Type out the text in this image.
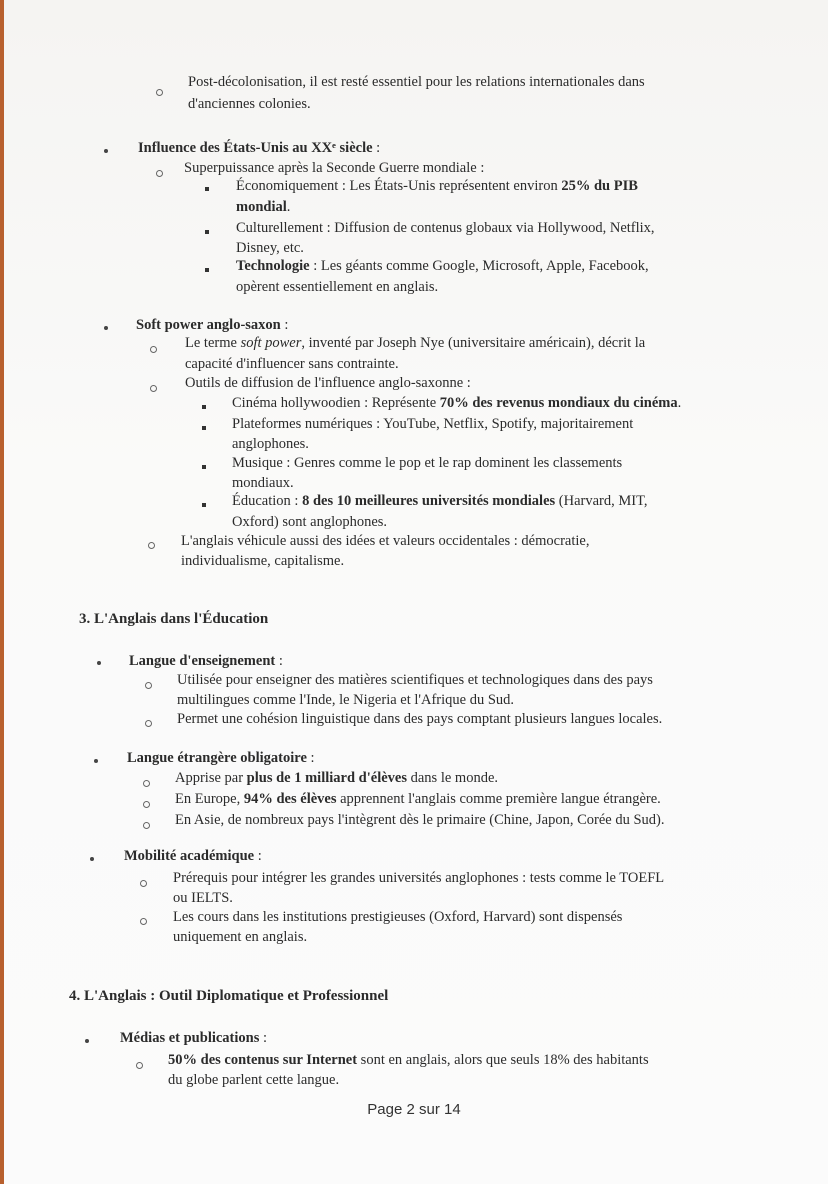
Post-décolonisation, il est resté essentiel pour les relations internationales dans
d'anciennes colonies.
Influence des États-Unis au XXᵉ siècle :
Superpuissance après la Seconde Guerre mondiale :
Économiquement : Les États-Unis représentent environ 25% du PIB
mondial.
Culturellement : Diffusion de contenus globaux via Hollywood, Netflix,
Disney, etc.
Technologie : Les géants comme Google, Microsoft, Apple, Facebook,
opèrent essentiellement en anglais.
Soft power anglo-saxon :
Le terme soft power, inventé par Joseph Nye (universitaire américain), décrit la
capacité d'influencer sans contrainte.
Outils de diffusion de l'influence anglo-saxonne :
Cinéma hollywoodien : Représente 70% des revenus mondiaux du cinéma.
Plateformes numériques : YouTube, Netflix, Spotify, majoritairement
anglophones.
Musique : Genres comme le pop et le rap dominent les classements
mondiaux.
Éducation : 8 des 10 meilleures universités mondiales (Harvard, MIT,
Oxford) sont anglophones.
L'anglais véhicule aussi des idées et valeurs occidentales : démocratie,
individualisme, capitalisme.
3. L'Anglais dans l'Éducation
Langue d'enseignement :
Utilisée pour enseigner des matières scientifiques et technologiques dans des pays
multilingues comme l'Inde, le Nigeria et l'Afrique du Sud.
Permet une cohésion linguistique dans des pays comptant plusieurs langues locales.
Langue étrangère obligatoire :
Apprise par plus de 1 milliard d'élèves dans le monde.
En Europe, 94% des élèves apprennent l'anglais comme première langue étrangère.
En Asie, de nombreux pays l'intègrent dès le primaire (Chine, Japon, Corée du Sud).
Mobilité académique :
Prérequis pour intégrer les grandes universités anglophones : tests comme le TOEFL
ou IELTS.
Les cours dans les institutions prestigieuses (Oxford, Harvard) sont dispensés
uniquement en anglais.
4. L'Anglais : Outil Diplomatique et Professionnel
Médias et publications :
50% des contenus sur Internet sont en anglais, alors que seuls 18% des habitants
du globe parlent cette langue.
Page 2 sur 14
